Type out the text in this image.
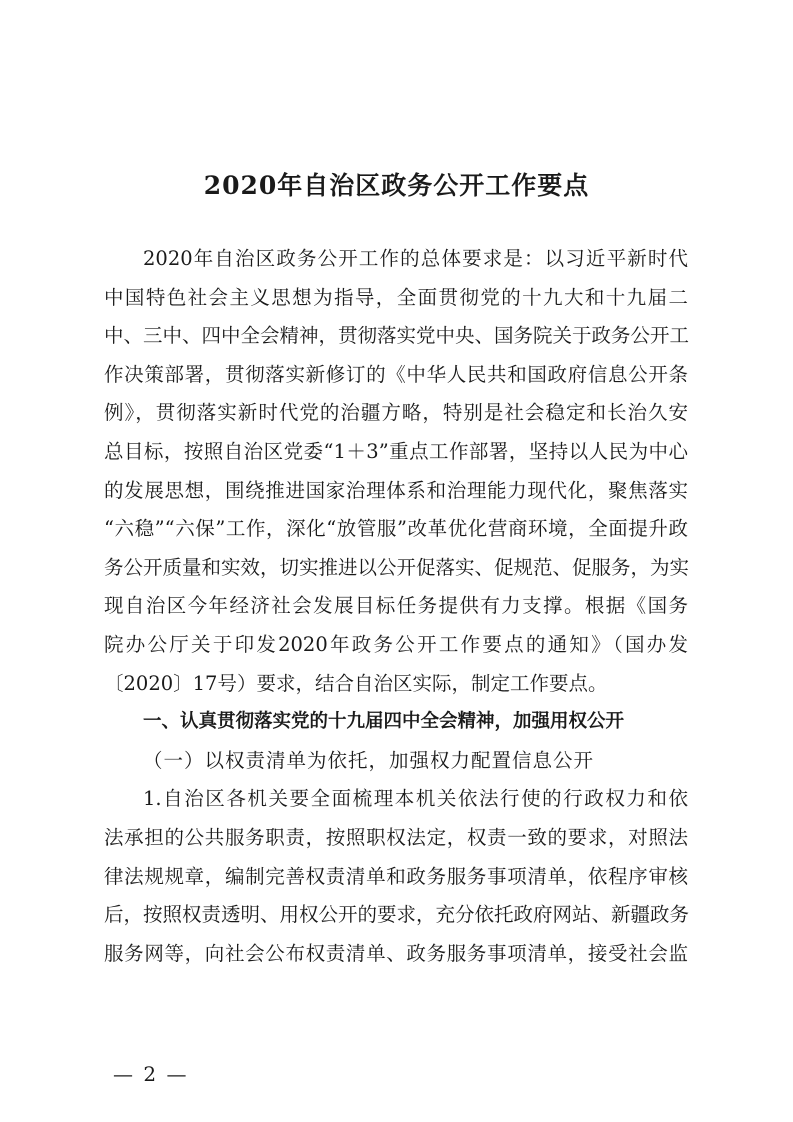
2020年自治区政务公开工作要点
2020年自治区政务公开工作的总体要求是：以习近平新时代
中国特色社会主义思想为指导，全面贯彻党的十九大和十九届二
中、三中、四中全会精神，贯彻落实党中央、国务院关于政务公开工
作决策部署，贯彻落实新修订的《中华人民共和国政府信息公开条
例》，贯彻落实新时代党的治疆方略，特别是社会稳定和长治久安
总目标，按照自治区党委“1＋3”重点工作部署，坚持以人民为中心
的发展思想，围绕推进国家治理体系和治理能力现代化，聚焦落实
“六稳”“六保”工作，深化“放管服”改革优化营商环境，全面提升政
务公开质量和实效，切实推进以公开促落实、促规范、促服务，为实
现自治区今年经济社会发展目标任务提供有力支撑。根据《国务
院办公厅关于印发2020年政务公开工作要点的通知》（国办发
〔2020〕17号）要求，结合自治区实际，制定工作要点。
一、认真贯彻落实党的十九届四中全会精神，加强用权公开
（一）以权责清单为依托，加强权力配置信息公开
1.自治区各机关要全面梳理本机关依法行使的行政权力和依
法承担的公共服务职责，按照职权法定，权责一致的要求，对照法
律法规规章，编制完善权责清单和政务服务事项清单，依程序审核
后，按照权责透明、用权公开的要求，充分依托政府网站、新疆政务
服务网等，向社会公布权责清单、政务服务事项清单，接受社会监
— 2 —
